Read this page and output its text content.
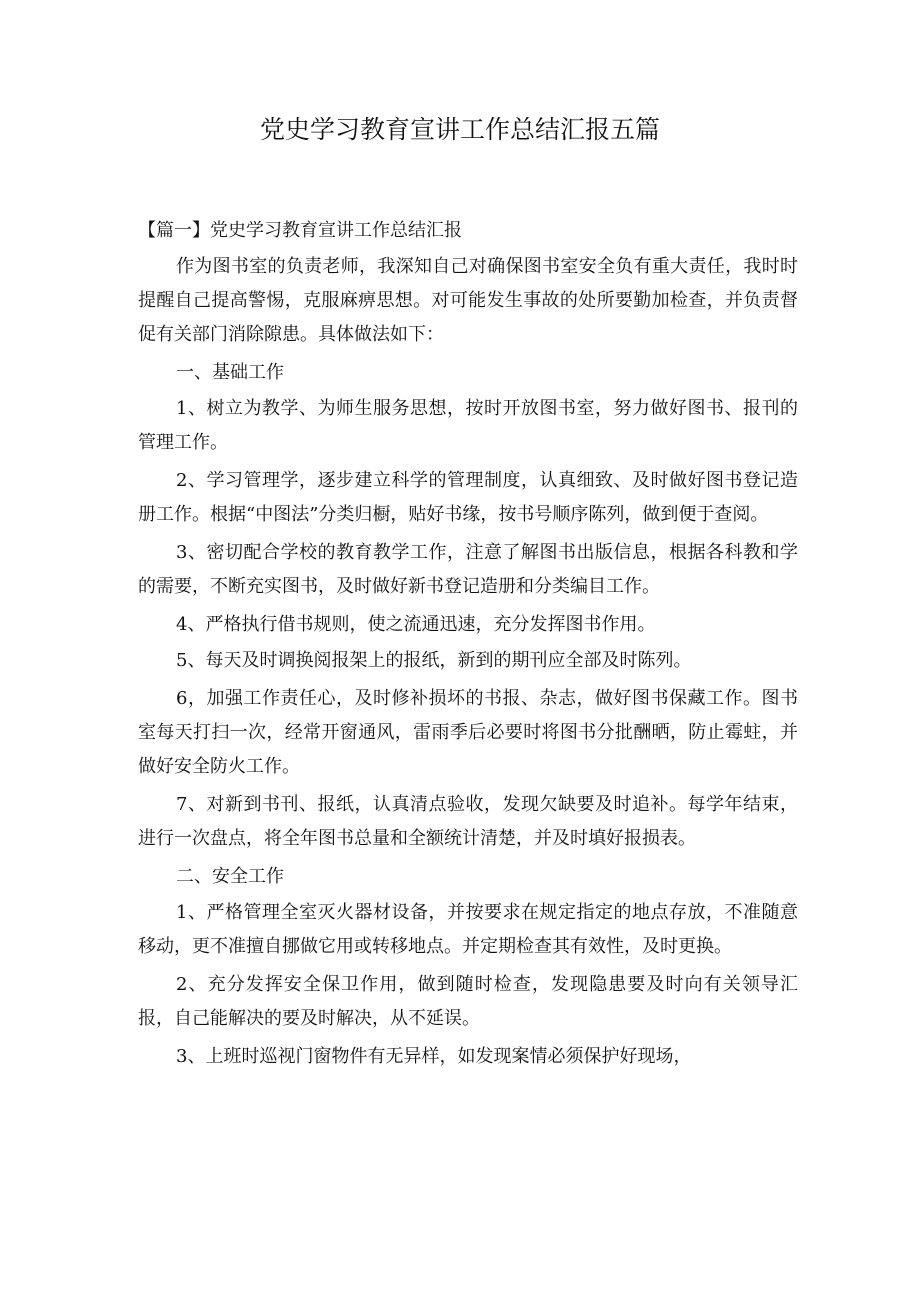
党史学习教育宣讲工作总结汇报五篇

【篇一】党史学习教育宣讲工作总结汇报

作为图书室的负责老师，我深知自己对确保图书室安全负有重大责任，我时时提醒自己提高警惕，克服麻痹思想。对可能发生事故的处所要勤加检查，并负责督促有关部门消除隙患。具体做法如下：

一、基础工作

1、树立为教学、为师生服务思想，按时开放图书室，努力做好图书、报刊的管理工作。

2、学习管理学，逐步建立科学的管理制度，认真细致、及时做好图书登记造册工作。根据“中图法”分类归橱，贴好书缘，按书号顺序陈列，做到便于查阅。

3、密切配合学校的教育教学工作，注意了解图书出版信息，根据各科教和学的需要，不断充实图书，及时做好新书登记造册和分类编目工作。

4、严格执行借书规则，使之流通迅速，充分发挥图书作用。

5、每天及时调换阅报架上的报纸，新到的期刊应全部及时陈列。

6，加强工作责任心，及时修补损坏的书报、杂志，做好图书保藏工作。图书室每天打扫一次，经常开窗通风，雷雨季后必要时将图书分批酬晒，防止霉蛀，并做好安全防火工作。

7、对新到书刊、报纸，认真清点验收，发现欠缺要及时追补。每学年结束，进行一次盘点，将全年图书总量和全额统计清楚，并及时填好报损表。

二、安全工作

1、严格管理全室灭火器材设备，并按要求在规定指定的地点存放，不准随意移动，更不准擅自挪做它用或转移地点。并定期检查其有效性，及时更换。

2、充分发挥安全保卫作用，做到随时检查，发现隐患要及时向有关领导汇报，自己能解决的要及时解决，从不延误。

3、上班时巡视门窗物件有无异样，如发现案情必须保护好现场，
